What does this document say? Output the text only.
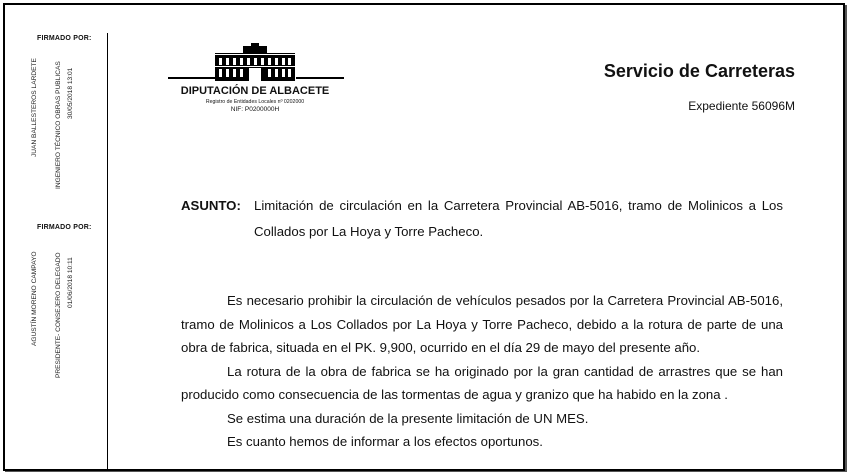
FIRMADO POR:
JUAN BALLESTEROS LARDETE	INGENIERO TÉCNICO OBRAS PUBLICAS 30/05/2018 13:01
FIRMADO POR:
AGUSTÍN MORENO CAMPAYO	PRESIDENTE- CONSEJERO DELEGADO 01/06/2018 10:11
DIPUTACIÓN DE ALBACETE
Registro de Entidades Locales nº 0202000
NIF: P0200000H
Servicio de Carreteras
Expediente 56096M
ASUNTO: Limitación de circulación en la Carretera Provincial AB-5016, tramo de Molinicos a Los Collados por La Hoya y Torre Pacheco.

Es necesario prohibir la circulación de vehículos pesados por la Carretera Provincial AB-5016, tramo de Molinicos a Los Collados por La Hoya y Torre Pacheco, debido a la rotura de parte de una obra de fabrica, situada en el PK. 9,900, ocurrido en el día 29 de mayo del presente año.

La rotura de la obra de fabrica se ha originado por la gran cantidad de arrastres que se han producido como consecuencia de las tormentas de agua y granizo que ha habido en la zona .

Se estima una duración de la presente limitación de UN MES.

Es cuanto hemos de informar a los efectos oportunos.
